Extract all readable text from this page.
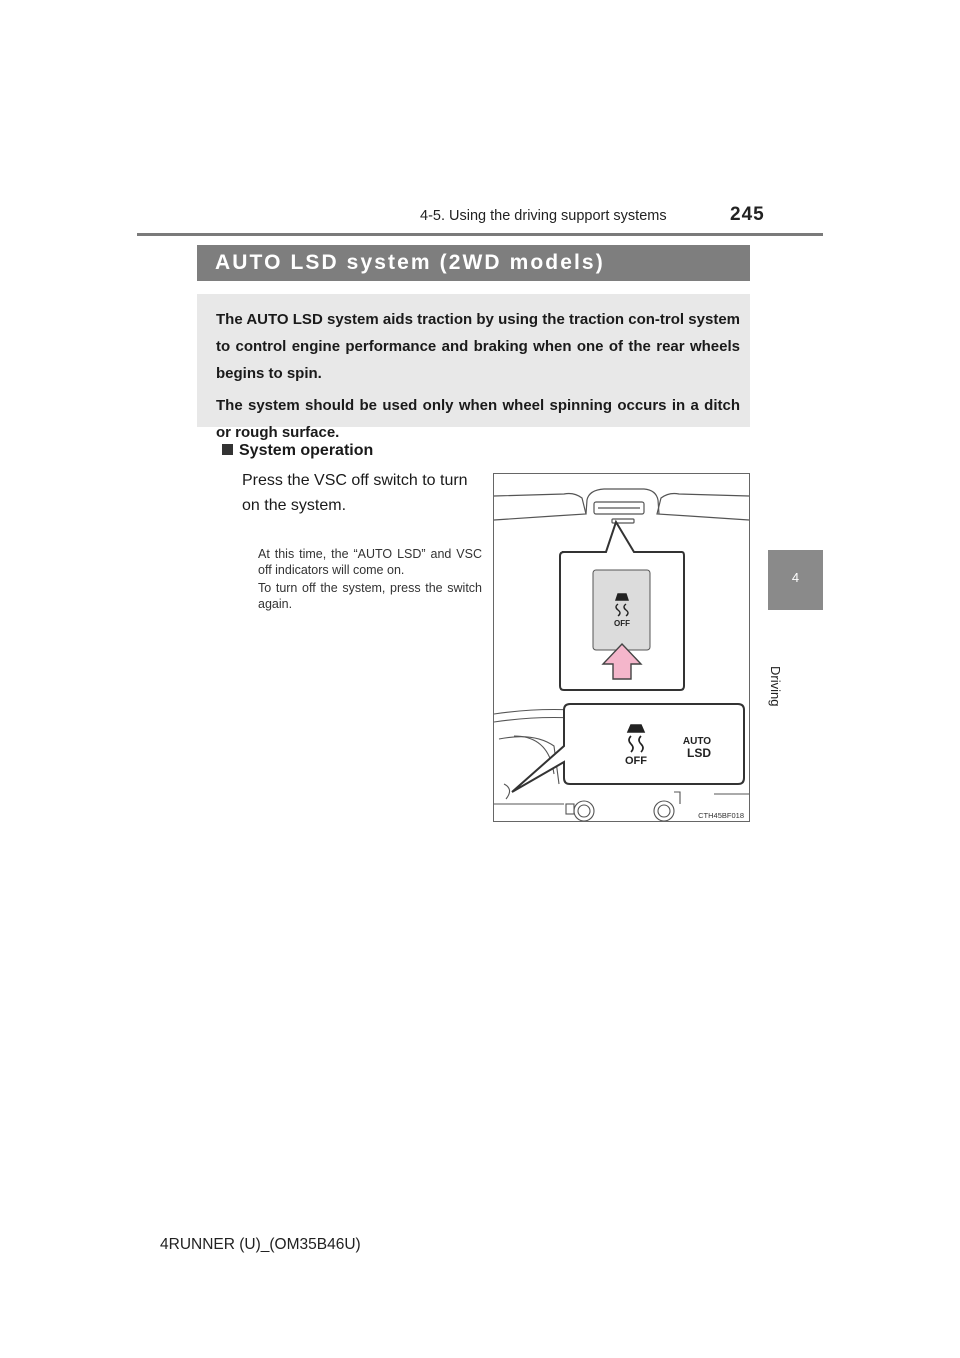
4-5. Using the driving support systems	245
4
Driving
AUTO LSD system (2WD models)

The AUTO LSD system aids traction by using the traction con-trol system to control engine performance and braking when one of the rear wheels begins to spin.

The system should be used only when wheel spinning occurs in a ditch or rough surface.

System operation
Press the VSC off switch to turn on the system.
At this time, the “AUTO LSD” and VSC off indicators will come on.
To turn off the system, press the switch again.
OFF
OFF
AUTO
LSD
CTH45BF018
4RUNNER (U)_(OM35B46U)
